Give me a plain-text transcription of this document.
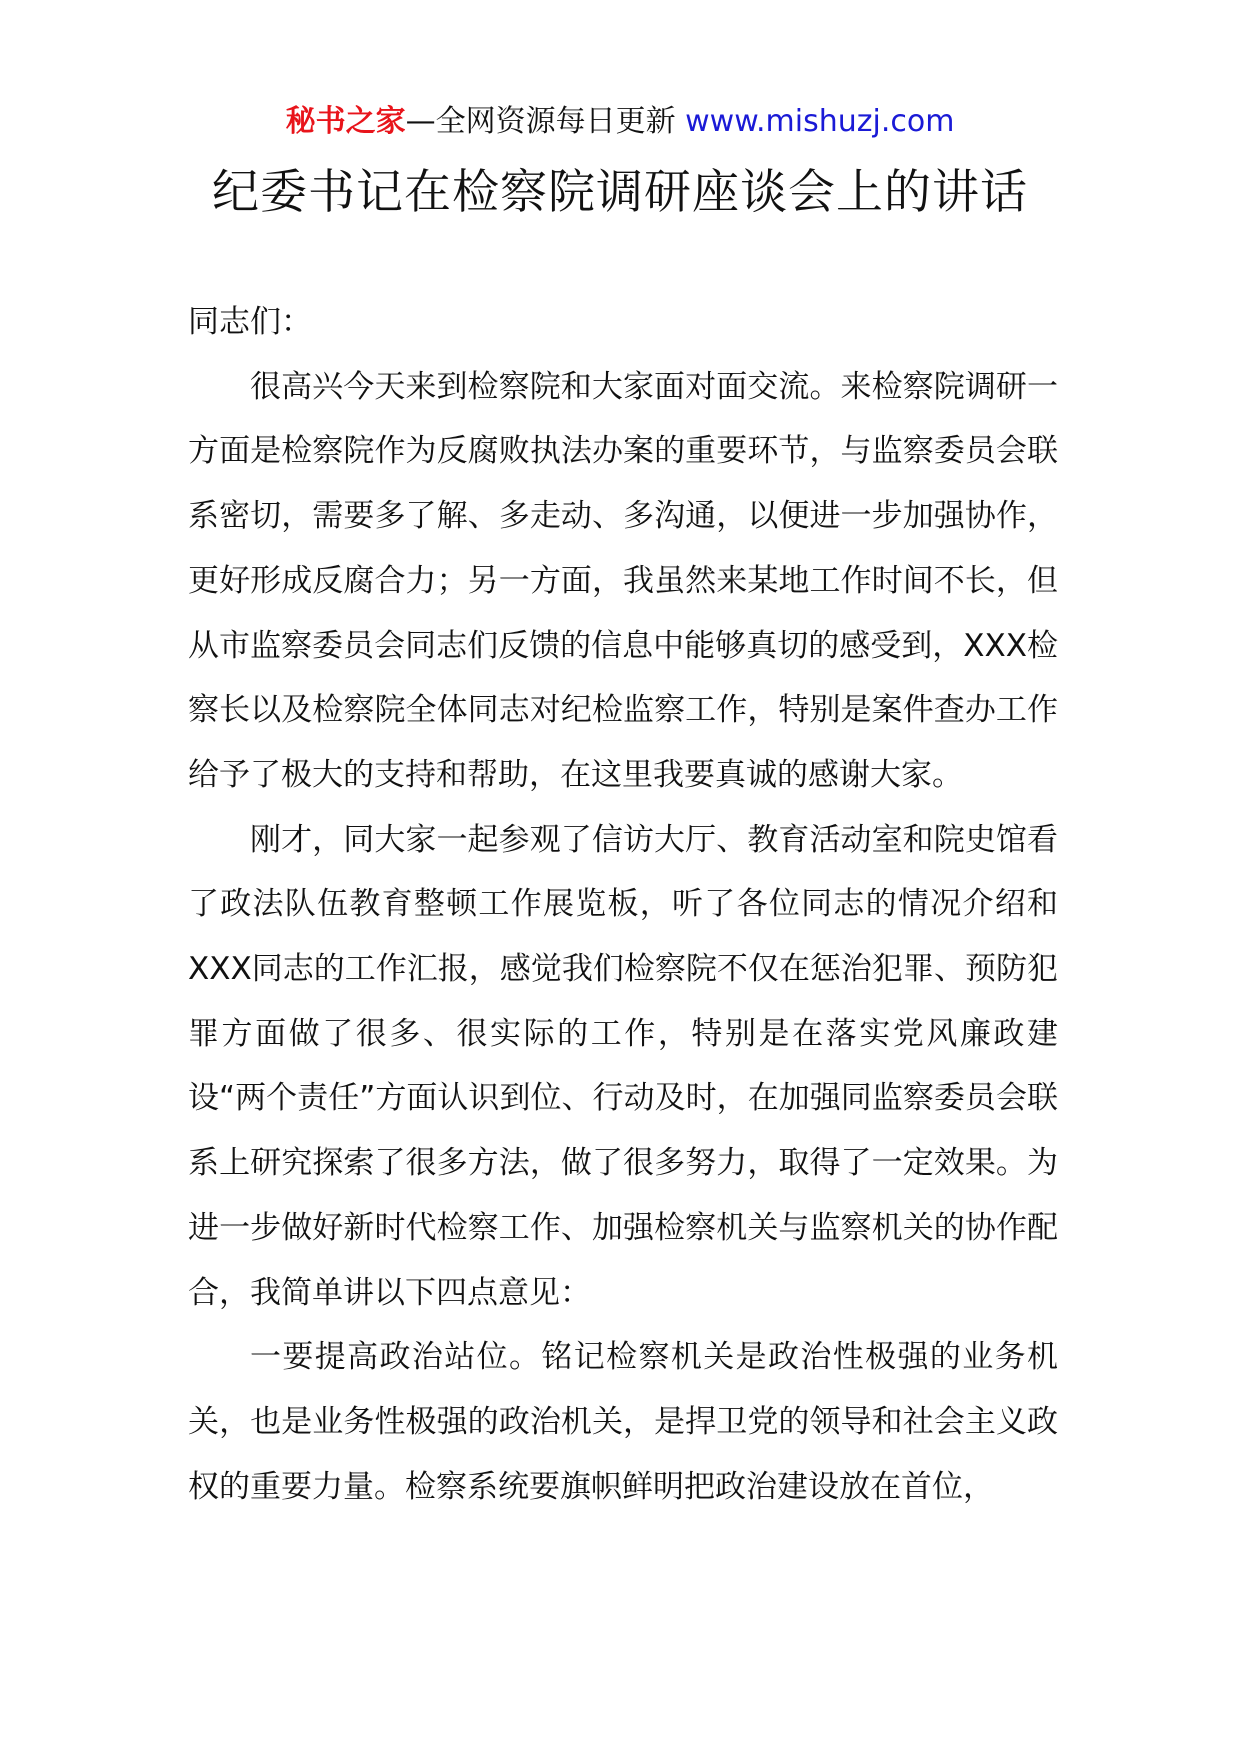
秘书之家—全网资源每日更新 www.mishuzj.com
纪委书记在检察院调研座谈会上的讲话

同志们：

很高兴今天来到检察院和大家面对面交流。来检察院调研一方面是检察院作为反腐败执法办案的重要环节，与监察委员会联系密切，需要多了解、多走动、多沟通，以便进一步加强协作，更好形成反腐合力；另一方面，我虽然来某地工作时间不长，但从市监察委员会同志们反馈的信息中能够真切的感受到，XXX检察长以及检察院全体同志对纪检监察工作，特别是案件查办工作给予了极大的支持和帮助，在这里我要真诚的感谢大家。

刚才，同大家一起参观了信访大厅、教育活动室和院史馆看了政法队伍教育整顿工作展览板，听了各位同志的情况介绍和XXX同志的工作汇报，感觉我们检察院不仅在惩治犯罪、预防犯罪方面做了很多、很实际的工作，特别是在落实党风廉政建设“两个责任”方面认识到位、行动及时，在加强同监察委员会联系上研究探索了很多方法，做了很多努力，取得了一定效果。为进一步做好新时代检察工作、加强检察机关与监察机关的协作配合，我简单讲以下四点意见：

一要提高政治站位。铭记检察机关是政治性极强的业务机关，也是业务性极强的政治机关，是捍卫党的领导和社会主义政权的重要力量。检察系统要旗帜鲜明把政治建设放在首位，
